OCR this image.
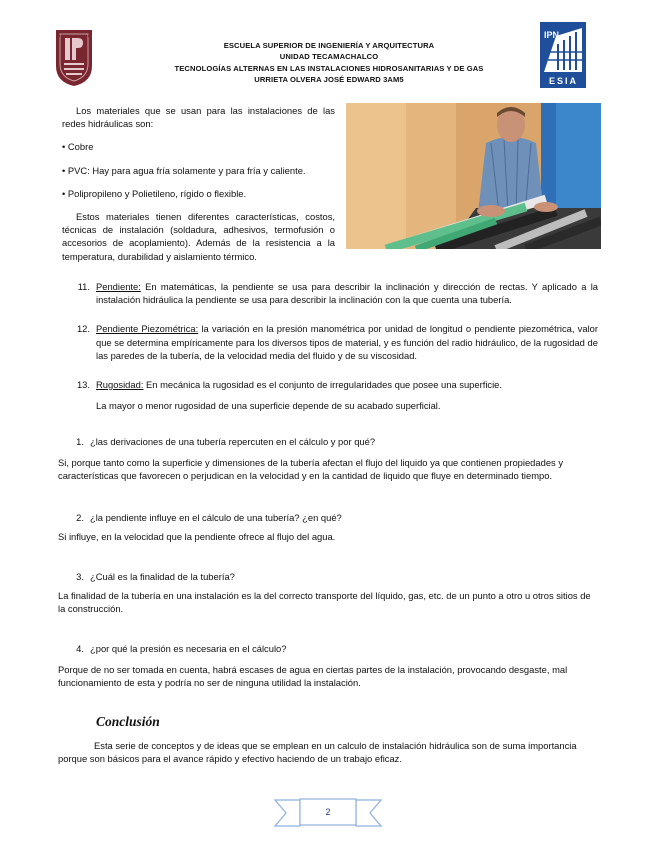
ESCUELA SUPERIOR DE INGENIERÍA Y ARQUITECTURA
UNIDAD TECAMACHALCO
TECNOLOGÍAS ALTERNAS EN LAS INSTALACIONES HIDROSANITARIAS Y DE GAS
URRIETA OLVERA JOSÉ EDWARD 3AM5
IPN
ESIA

Los materiales que se usan para las instalaciones de las redes hidráulicas son:

• Cobre

• PVC: Hay para agua fría solamente y para fría y caliente.

• Polipropileno y Polietileno, rígido o flexible.

Estos materiales tienen diferentes características, costos, técnicas de instalación (soldadura, adhesivos, termofusión o accesorios de acoplamiento). Además de la resistencia a la temperatura, durabilidad y aislamiento térmico.

11. Pendiente: En matemáticas, la pendiente se usa para describir la inclinación y dirección de rectas. Y aplicado a la instalación hidráulica la pendiente se usa para describir la inclinación con la que cuenta una tubería.
12. Pendiente Piezométrica: la variación en la presión manométrica por unidad de longitud o pendiente piezométrica, valor que se determina empíricamente para los diversos tipos de material, y es función del radio hidráulico, de la rugosidad de las paredes de la tubería, de la velocidad media del fluido y de su viscosidad.
13. Rugosidad: En mecánica la rugosidad es el conjunto de irregularidades que posee una superficie.

La mayor o menor rugosidad de una superficie depende de su acabado superficial.

1. ¿las derivaciones de una tubería repercuten en el cálculo y por qué?

Si, porque tanto como la superficie y dimensiones de la tubería afectan el flujo del liquido ya que contienen propiedades y características que favorecen o perjudican en la velocidad y en la cantidad de liquido que fluye en determinado tiempo.

2. ¿la pendiente influye en el cálculo de una tubería? ¿en qué?

Si influye, en la velocidad que la pendiente ofrece al flujo del agua.

3. ¿Cuál es la finalidad de la tubería?

La finalidad de la tubería en una instalación es la del correcto transporte del líquido, gas, etc. de un punto a otro u otros sitios de la construcción.

4. ¿por qué la presión es necesaria en el cálculo?

Porque de no ser tomada en cuenta, habrá escases de agua en ciertas partes de la instalación, provocando desgaste, mal funcionamiento de esta y podría no ser de ninguna utilidad la instalación.

Conclusión

Esta serie de conceptos y de ideas que se emplean en un calculo de instalación hidráulica son de suma importancia porque son básicos para el avance rápido y efectivo haciendo de un trabajo eficaz.

2
